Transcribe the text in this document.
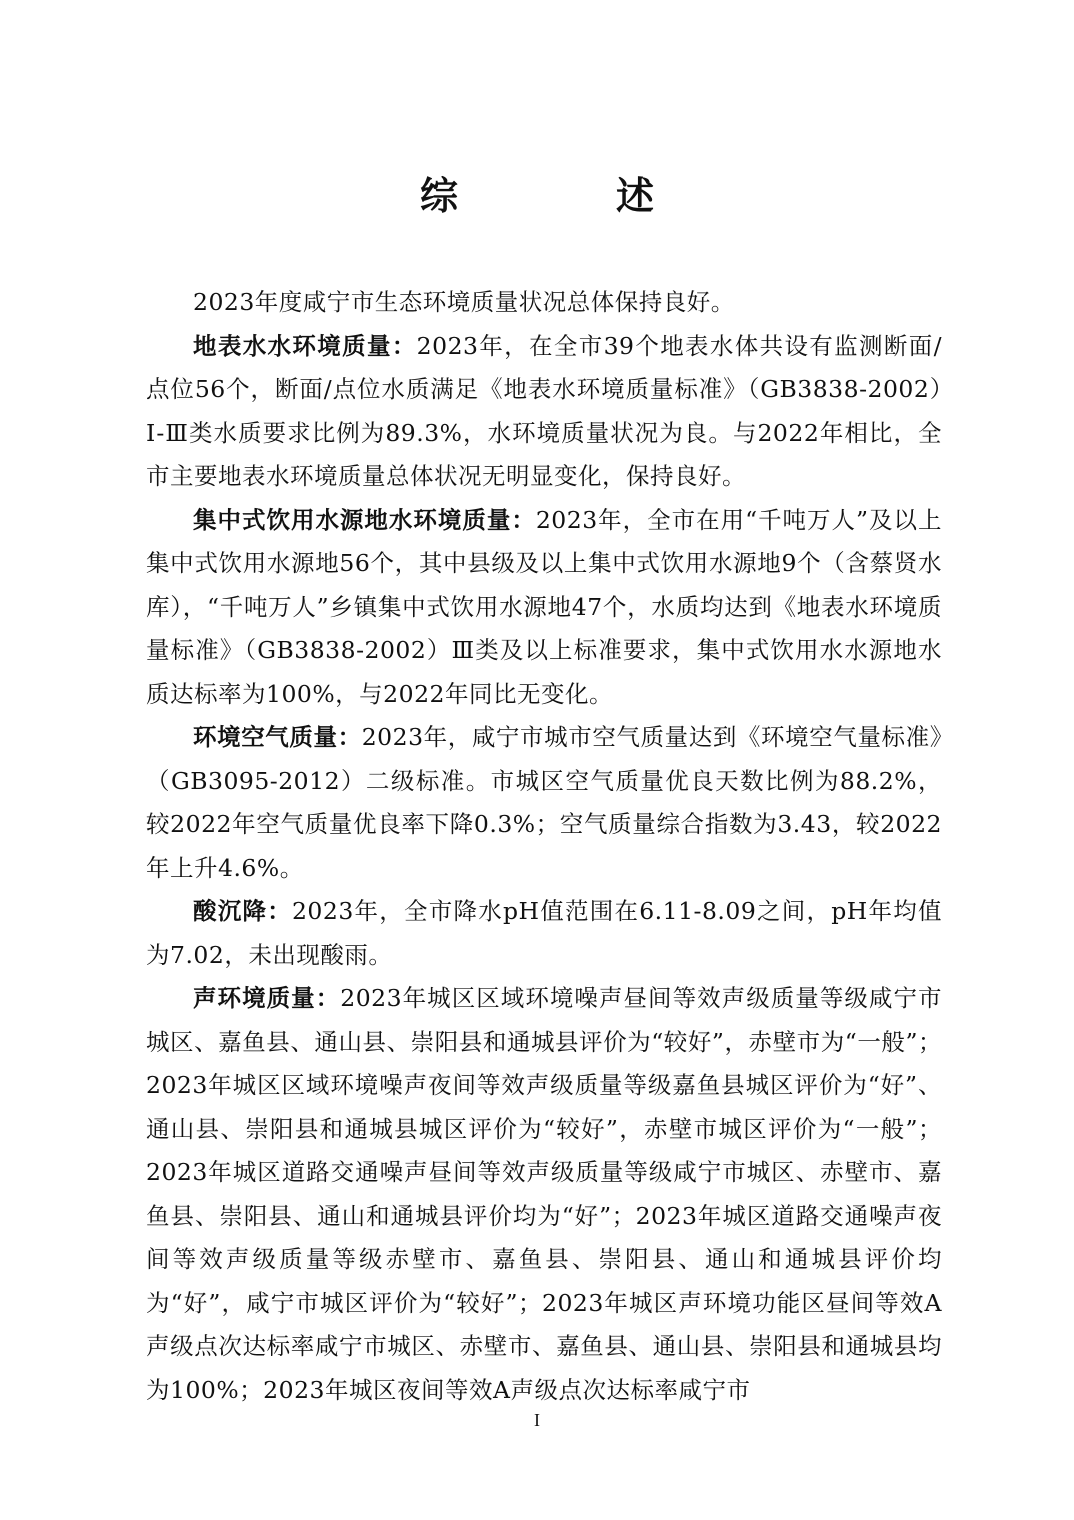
综　述

2023年度咸宁市生态环境质量状况总体保持良好。

地表水水环境质量：2023年，在全市39个地表水体共设有监测断面/点位56个，断面/点位水质满足《地表水环境质量标准》（GB3838-2002）Ⅰ-Ⅲ类水质要求比例为89.3%，水环境质量状况为良。与2022年相比，全市主要地表水环境质量总体状况无明显变化，保持良好。

集中式饮用水源地水环境质量：2023年，全市在用“千吨万人”及以上集中式饮用水源地56个，其中县级及以上集中式饮用水源地9个（含蔡贤水库），“千吨万人”乡镇集中式饮用水源地47个，水质均达到《地表水环境质量标准》（GB3838-2002）Ⅲ类及以上标准要求，集中式饮用水水源地水质达标率为100%，与2022年同比无变化。

环境空气质量：2023年，咸宁市城市空气质量达到《环境空气量标准》（GB3095-2012）二级标准。市城区空气质量优良天数比例为88.2%，较2022年空气质量优良率下降0.3%；空气质量综合指数为3.43，较2022年上升4.6%。

酸沉降：2023年，全市降水pH值范围在6.11-8.09之间，pH年均值为7.02，未出现酸雨。

声环境质量：2023年城区区域环境噪声昼间等效声级质量等级咸宁市城区、嘉鱼县、通山县、崇阳县和通城县评价为“较好”，赤壁市为“一般”；2023年城区区域环境噪声夜间等效声级质量等级嘉鱼县城区评价为“好”、通山县、崇阳县和通城县城区评价为“较好”，赤壁市城区评价为“一般”；2023年城区道路交通噪声昼间等效声级质量等级咸宁市城区、赤壁市、嘉鱼县、崇阳县、通山和通城县评价均为“好”；2023年城区道路交通噪声夜间等效声级质量等级赤壁市、嘉鱼县、崇阳县、通山和通城县评价均为“好”，咸宁市城区评价为“较好”；2023年城区声环境功能区昼间等效A声级点次达标率咸宁市城区、赤壁市、嘉鱼县、通山县、崇阳县和通城县均为100%；2023年城区夜间等效A声级点次达标率咸宁市

I
